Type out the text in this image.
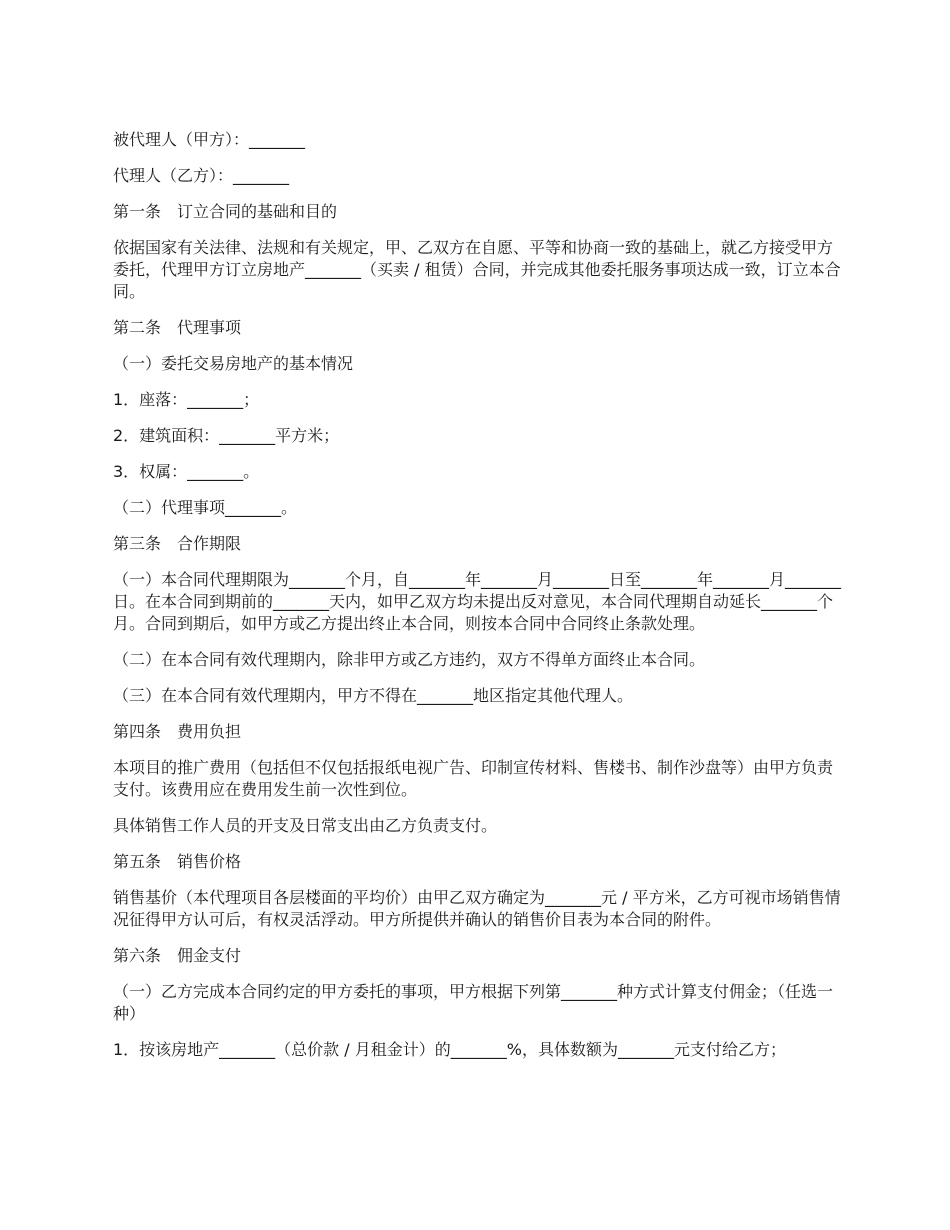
被代理人（甲方）：_______

代理人（乙方）：_______

第一条　订立合同的基础和目的

依据国家有关法律、法规和有关规定，甲、乙双方在自愿、平等和协商一致的基础上，就乙方接受甲方委托，代理甲方订立房地产_______（买卖 / 租赁）合同，并完成其他委托服务事项达成一致，订立本合同。

第二条　代理事项

（一）委托交易房地产的基本情况

1．座落：_______；

2．建筑面积：_______平方米；

3．权属：_______。

（二）代理事项_______。

第三条　合作期限

（一）本合同代理期限为_______个月，自_______年_______月_______日至_______年_______月_______日。在本合同到期前的_______天内，如甲乙双方均未提出反对意见，本合同代理期自动延长_______个月。合同到期后，如甲方或乙方提出终止本合同，则按本合同中合同终止条款处理。

（二）在本合同有效代理期内，除非甲方或乙方违约，双方不得单方面终止本合同。

（三）在本合同有效代理期内，甲方不得在_______地区指定其他代理人。

第四条　费用负担

本项目的推广费用（包括但不仅包括报纸电视广告、印制宣传材料、售楼书、制作沙盘等）由甲方负责支付。该费用应在费用发生前一次性到位。

具体销售工作人员的开支及日常支出由乙方负责支付。

第五条　销售价格

销售基价（本代理项目各层楼面的平均价）由甲乙双方确定为_______元 / 平方米，乙方可视市场销售情况征得甲方认可后，有权灵活浮动。甲方所提供并确认的销售价目表为本合同的附件。

第六条　佣金支付

（一）乙方完成本合同约定的甲方委托的事项，甲方根据下列第_______种方式计算支付佣金；（任选一种）

1．按该房地产_______（总价款 / 月租金计）的_______%，具体数额为_______元支付给乙方；
